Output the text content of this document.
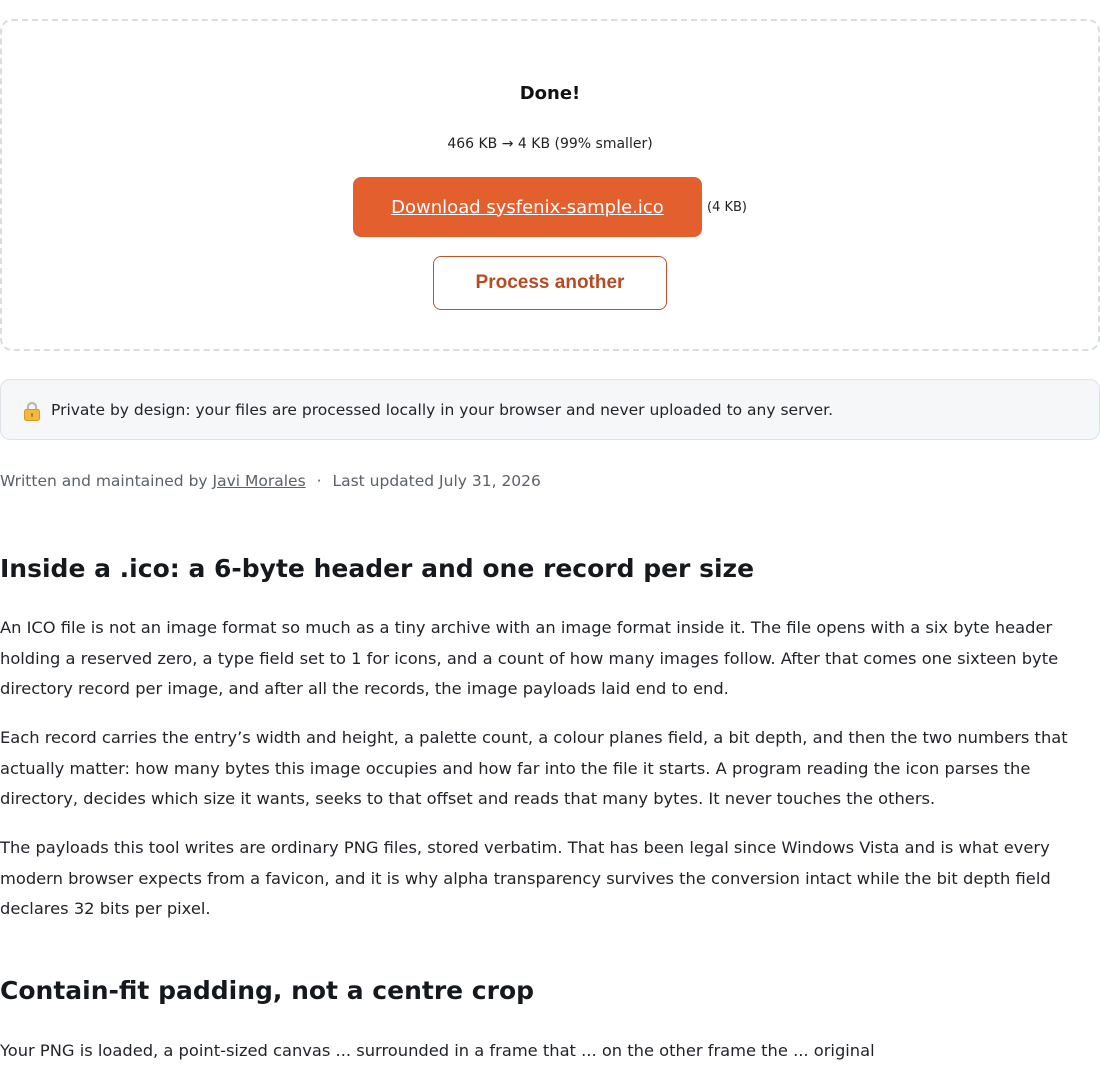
Done!
466 KB → 4 KB (99% smaller)
Download sysfenix-sample.ico	(4 KB)
Process another
Private by design: your files are processed locally in your browser and never uploaded to any server.
Written and maintained by Javi Morales · Last updated July 31, 2026
Inside a .ico: a 6-byte header and one record per size

An ICO file is not an image format so much as a tiny archive with an image format inside it. The file opens with a six byte header holding a reserved zero, a type field set to 1 for icons, and a count of how many images follow. After that comes one sixteen byte directory record per image, and after all the records, the image payloads laid end to end.

Each record carries the entry’s width and height, a palette count, a colour planes field, a bit depth, and then the two numbers that actually matter: how many bytes this image occupies and how far into the file it starts. A program reading the icon parses the directory, decides which size it wants, seeks to that offset and reads that many bytes. It never touches the others.

The payloads this tool writes are ordinary PNG files, stored verbatim. That has been legal since Windows Vista and is what every modern browser expects from a favicon, and it is why alpha transparency survives the conversion intact while the bit depth field declares 32 bits per pixel.

Contain-fit padding, not a centre crop

Your PNG is loaded, a point-sized canvas ... surrounded in a frame that ... on the other frame the ... original
